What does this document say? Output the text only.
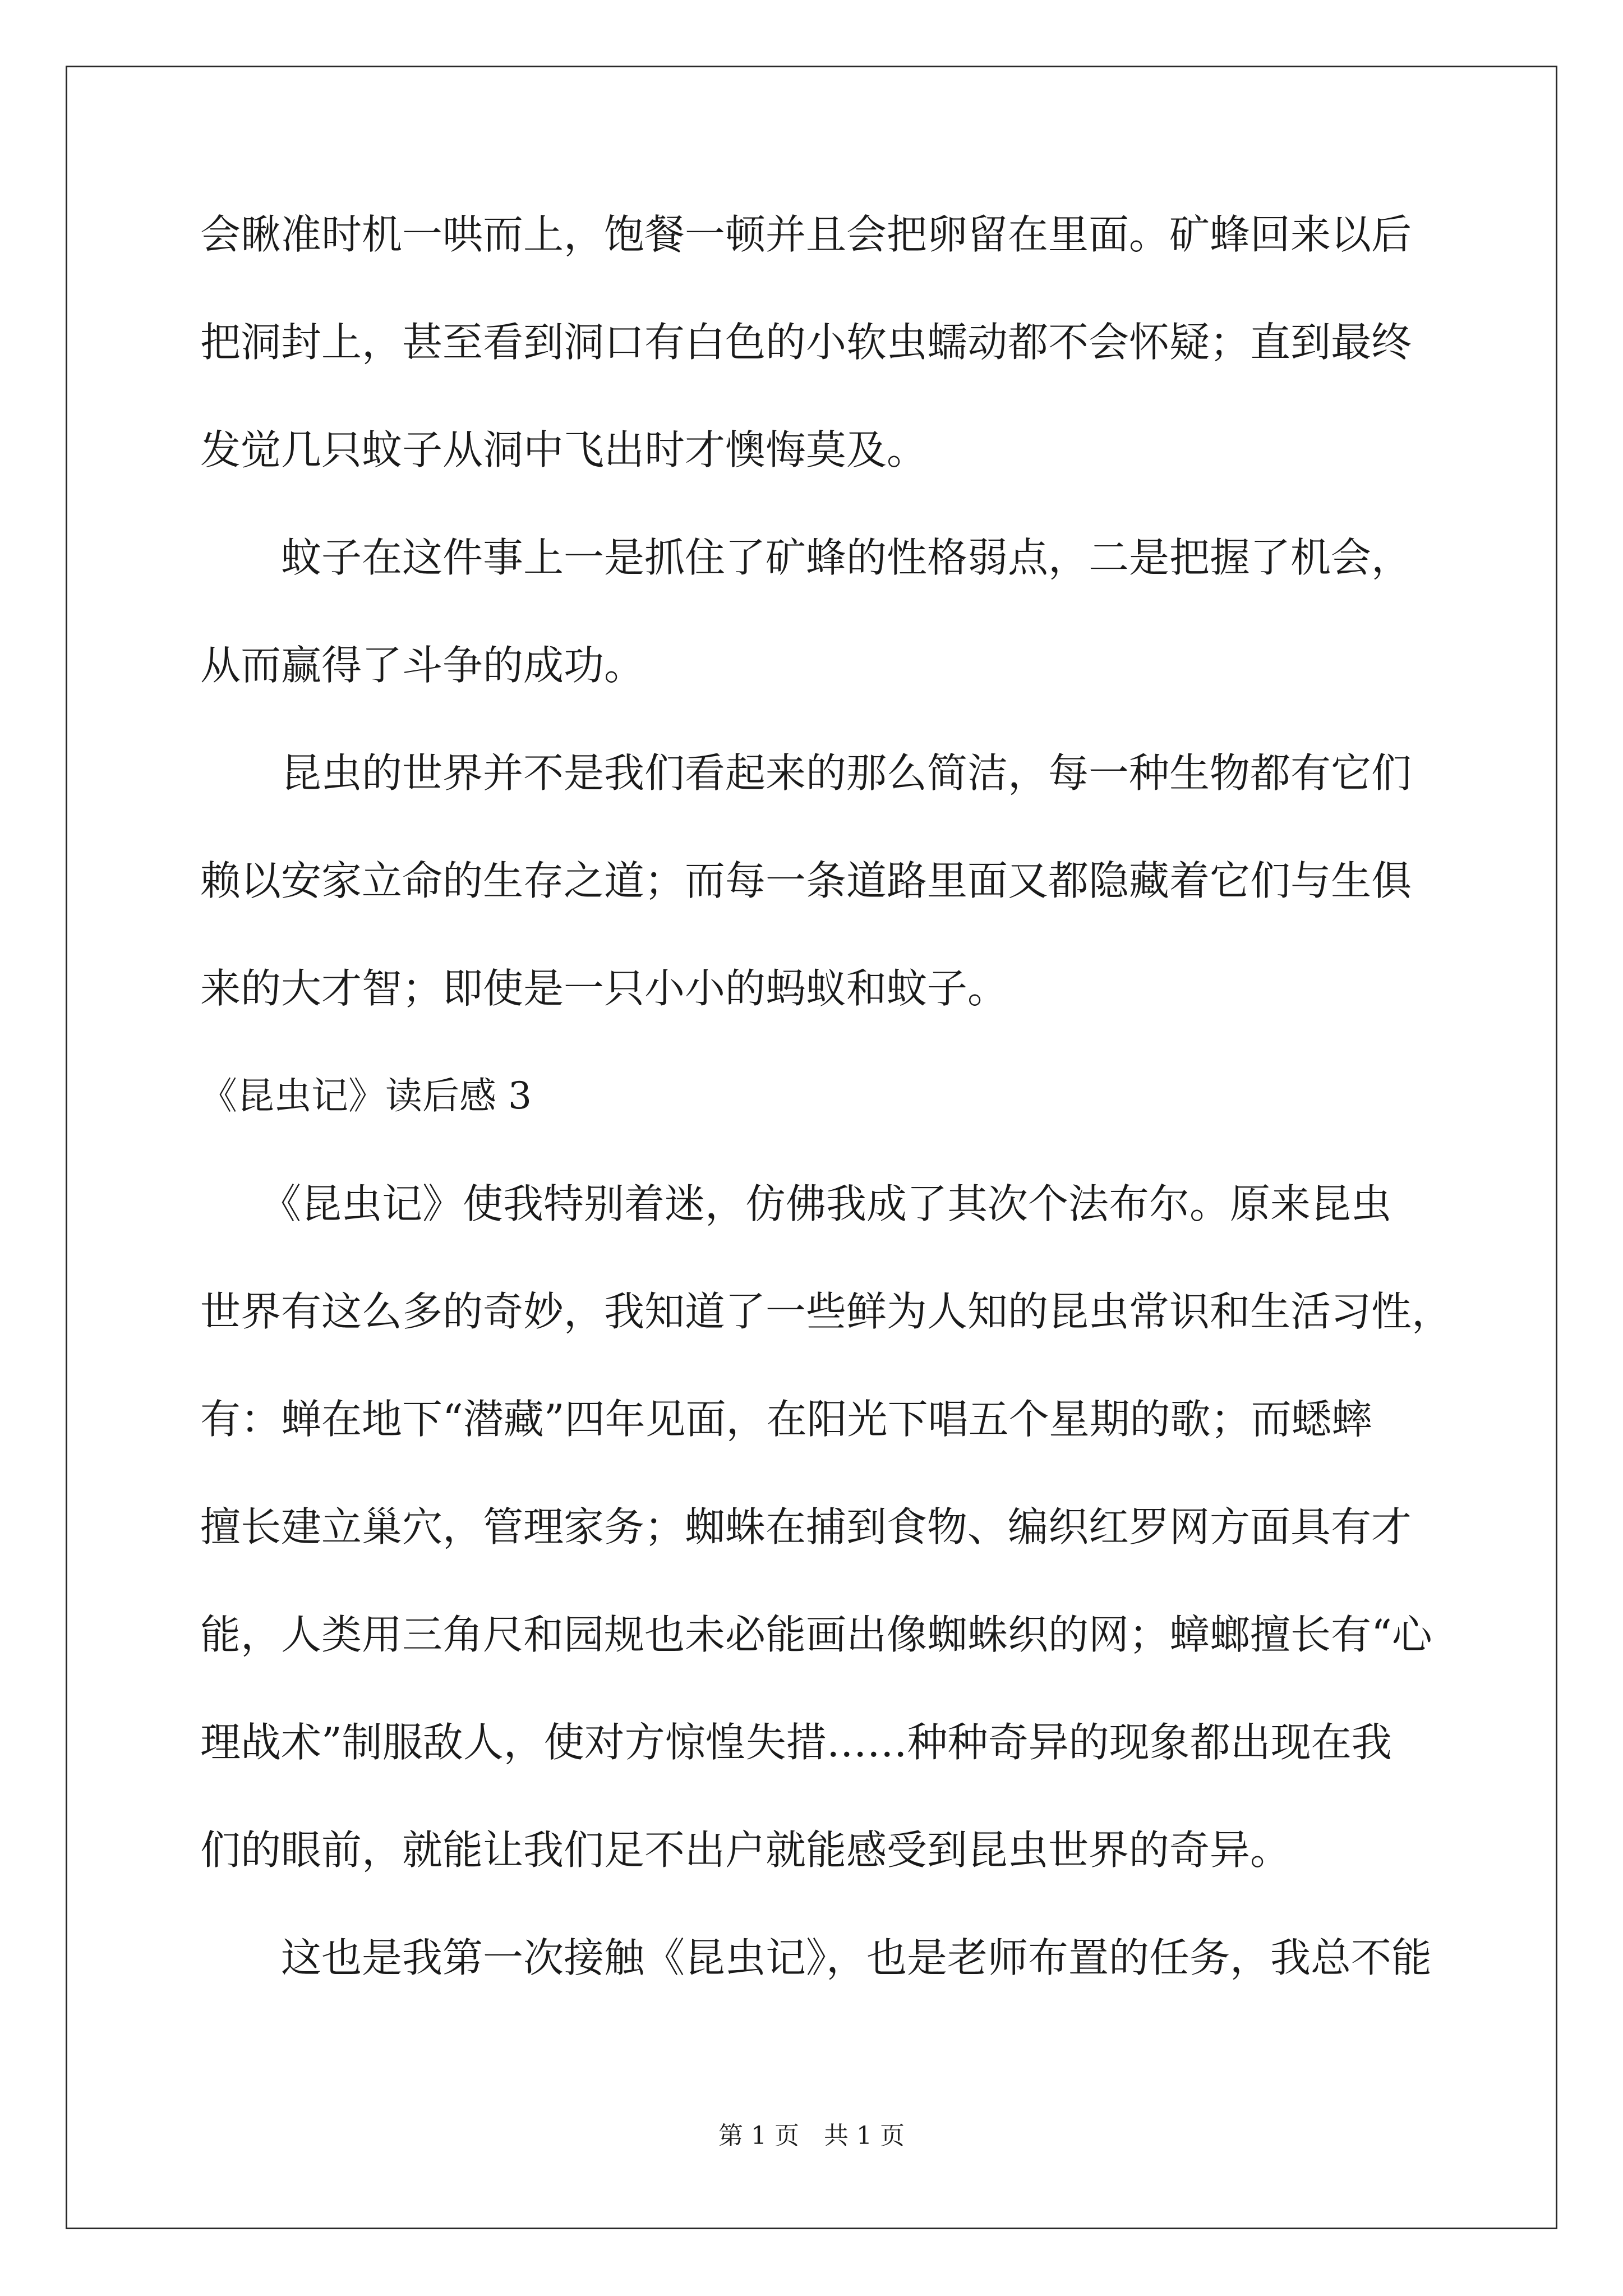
会瞅准时机一哄而上，饱餐一顿并且会把卵留在里面。矿蜂回来以后
把洞封上，甚至看到洞口有白色的小软虫蠕动都不会怀疑；直到最终
发觉几只蚊子从洞中飞出时才懊悔莫及。
　　蚊子在这件事上一是抓住了矿蜂的性格弱点，二是把握了机会，
从而赢得了斗争的成功。
　　昆虫的世界并不是我们看起来的那么简洁，每一种生物都有它们
赖以安家立命的生存之道；而每一条道路里面又都隐藏着它们与生俱
来的大才智；即使是一只小小的蚂蚁和蚊子。
《昆虫记》读后感 3
　　《昆虫记》使我特别着迷，仿佛我成了其次个法布尔。原来昆虫
世界有这么多的奇妙，我知道了一些鲜为人知的昆虫常识和生活习性，
有：蝉在地下“潜藏”四年见面，在阳光下唱五个星期的歌；而蟋蟀
擅长建立巢穴，管理家务；蜘蛛在捕到食物、编织红罗网方面具有才
能，人类用三角尺和园规也未必能画出像蜘蛛织的网；蟑螂擅长有“心
理战术”制服敌人，使对方惊惶失措……种种奇异的现象都出现在我
们的眼前，就能让我们足不出户就能感受到昆虫世界的奇异。
　　这也是我第一次接触《昆虫记》，也是老师布置的任务，我总不能
第 1 页　共 1 页
